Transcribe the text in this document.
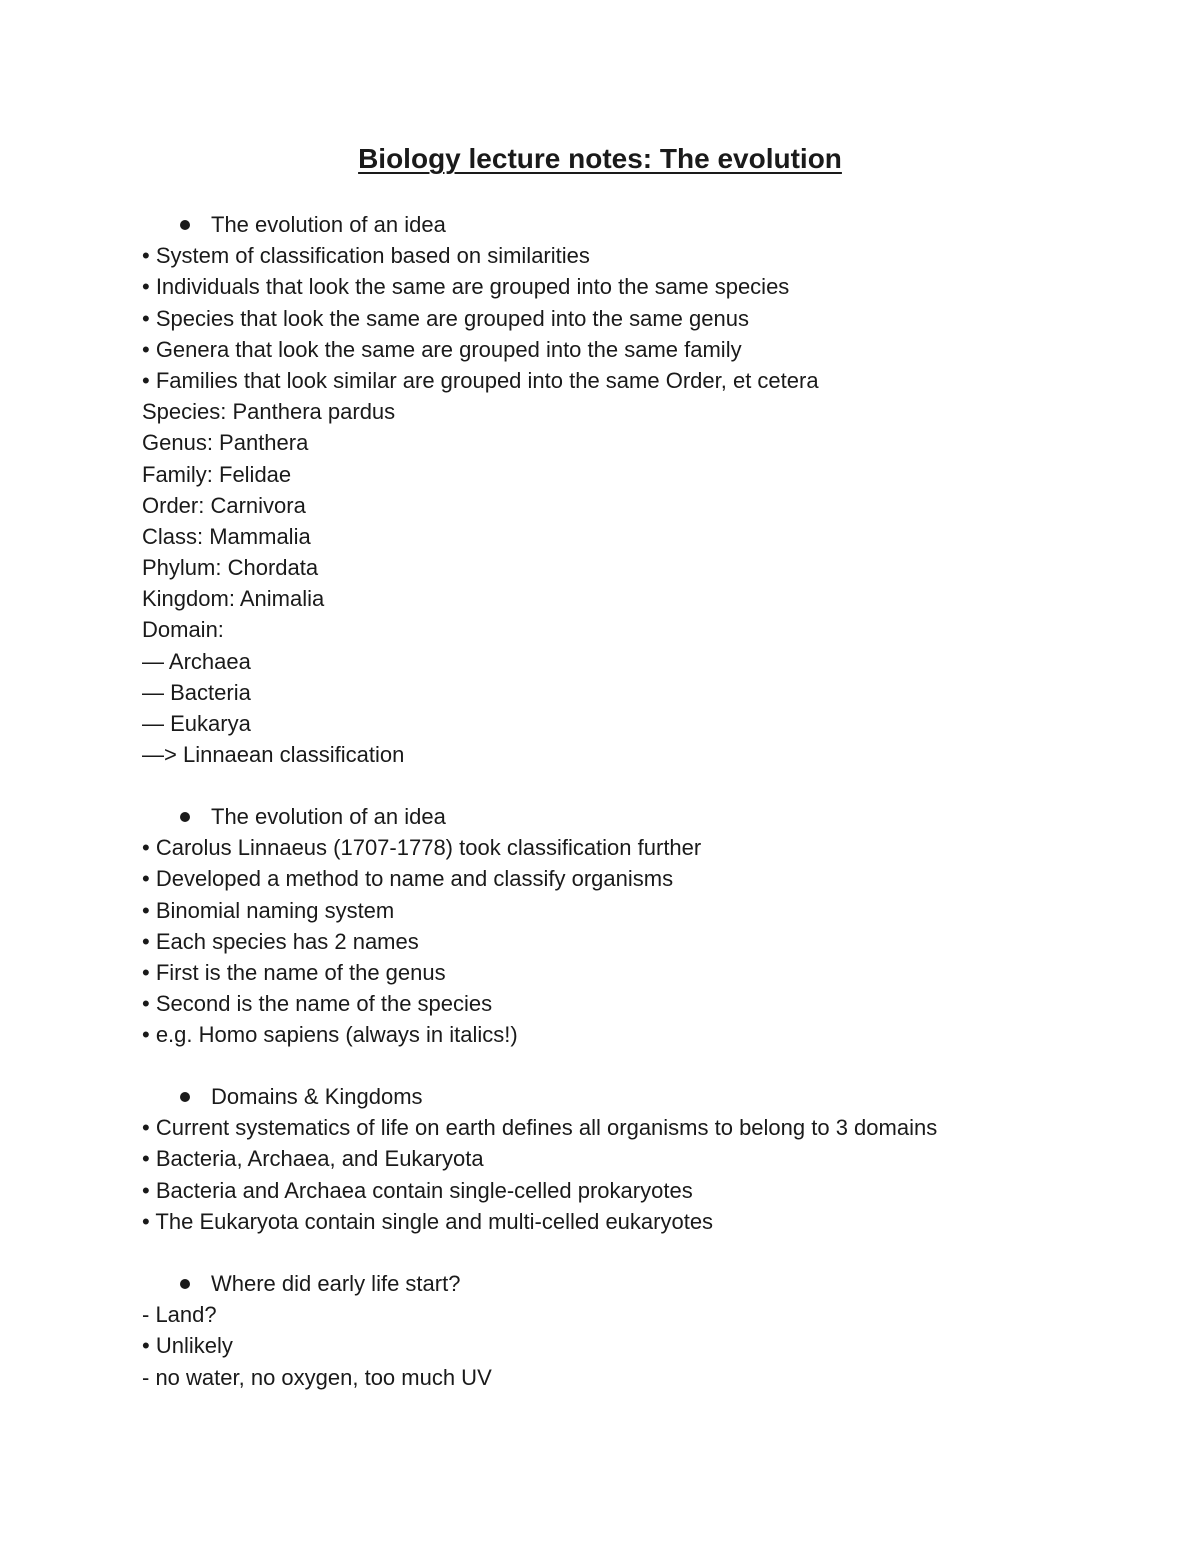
Biology lecture notes: The evolution
The evolution of an idea
• System of classification based on similarities
• Individuals that look the same are grouped into the same species
• Species that look the same are grouped into the same genus
• Genera that look the same are grouped into the same family
• Families that look similar are grouped into the same Order, et cetera
Species: Panthera pardus
Genus: Panthera
Family: Felidae
Order: Carnivora
Class: Mammalia
Phylum: Chordata
Kingdom: Animalia
Domain:
— Archaea
— Bacteria
— Eukarya
—> Linnaean classification
The evolution of an idea
• Carolus Linnaeus (1707-1778) took classification further
• Developed a method to name and classify organisms
• Binomial naming system
• Each species has 2 names
• First is the name of the genus
• Second is the name of the species
• e.g. Homo sapiens (always in italics!)
Domains & Kingdoms
• Current systematics of life on earth defines all organisms to belong to 3 domains
• Bacteria, Archaea, and Eukaryota
• Bacteria and Archaea contain single-celled prokaryotes
• The Eukaryota contain single and multi-celled eukaryotes
Where did early life start?
- Land?
• Unlikely
- no water, no oxygen, too much UV
